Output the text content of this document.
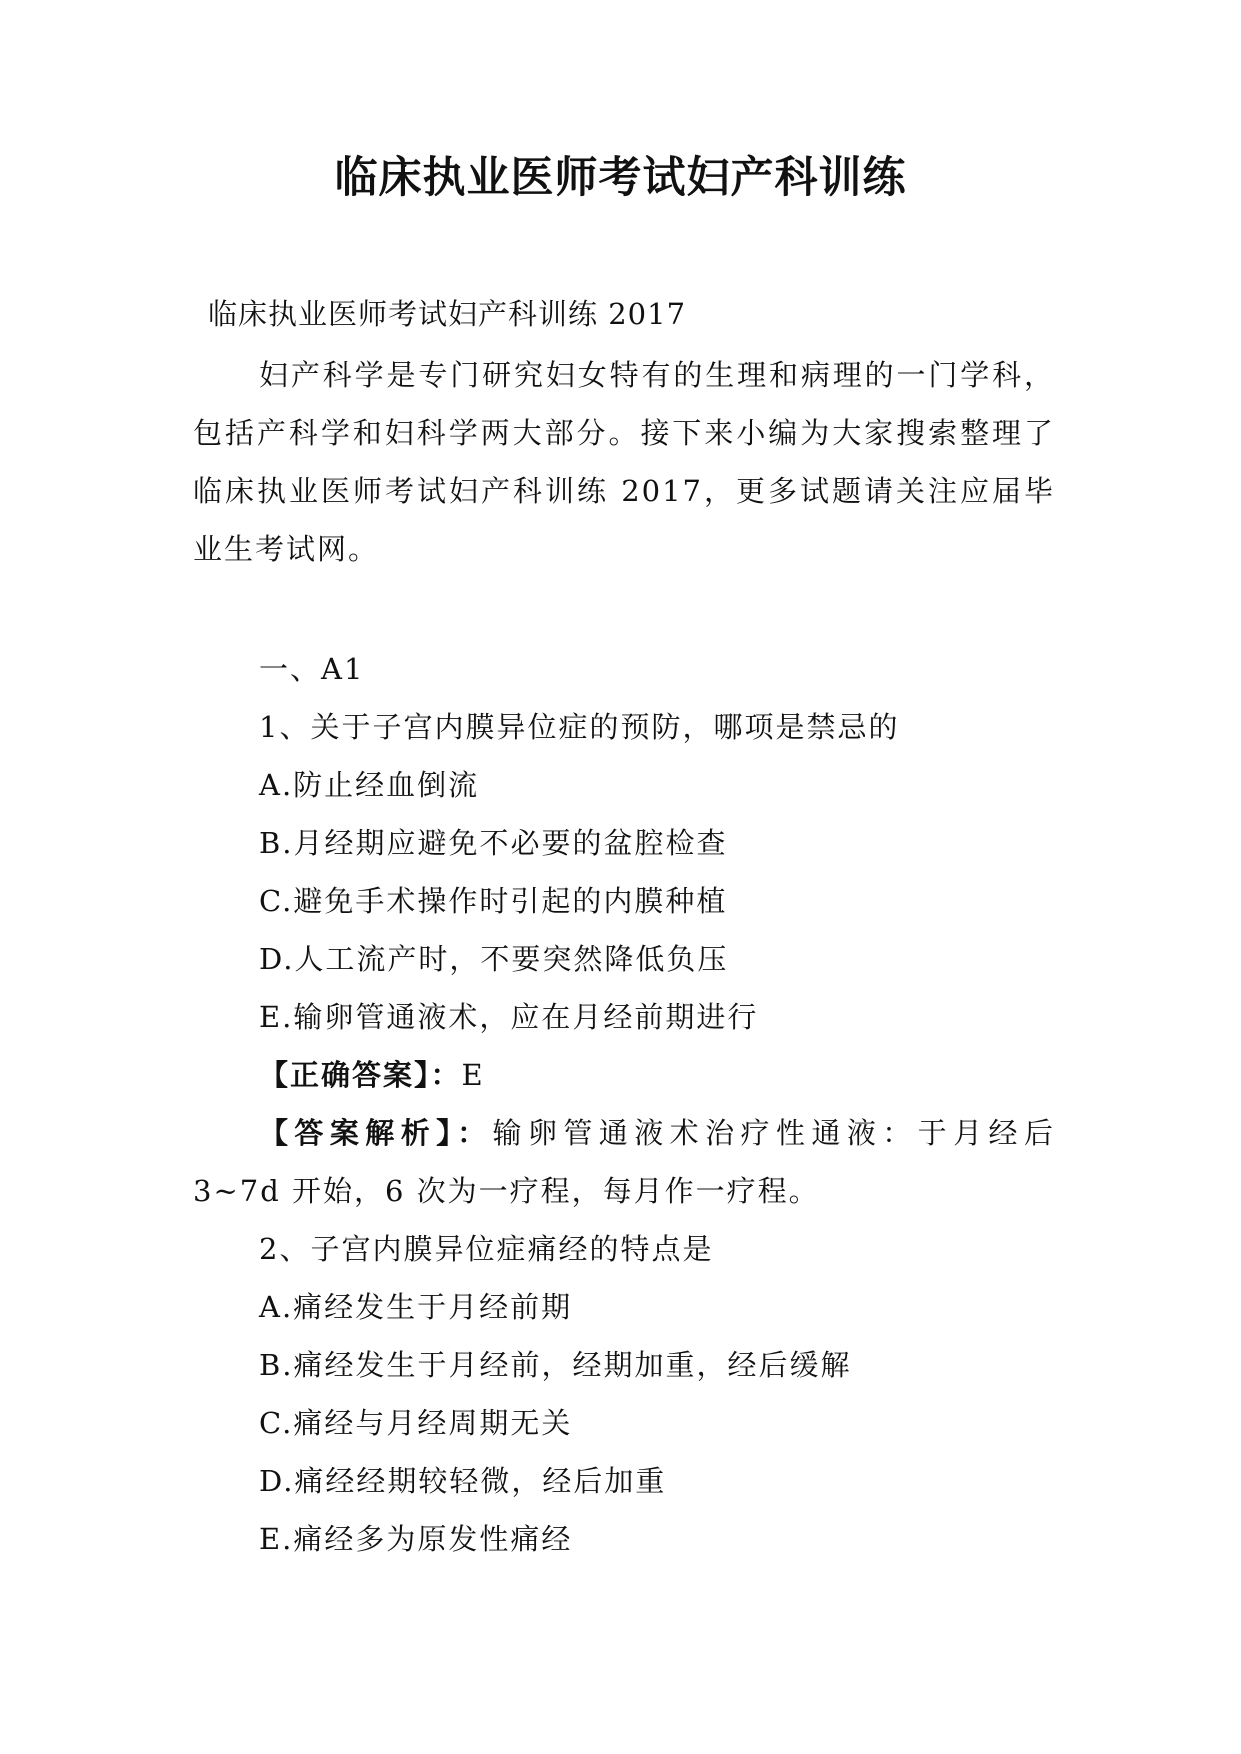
临床执业医师考试妇产科训练
临床执业医师考试妇产科训练 2017

妇产科学是专门研究妇女特有的生理和病理的一门学科，包括产科学和妇科学两大部分。接下来小编为大家搜索整理了临床执业医师考试妇产科训练 2017，更多试题请关注应届毕业生考试网。

一、A1
1、关于子宫内膜异位症的预防，哪项是禁忌的
A.防止经血倒流
B.月经期应避免不必要的盆腔检查
C.避免手术操作时引起的内膜种植
D.人工流产时，不要突然降低负压
E.输卵管通液术，应在月经前期进行
【正确答案】：E

【答案解析】：输卵管通液术治疗性通液：于月经后 3~7d 开始，6 次为一疗程，每月作一疗程。

2、子宫内膜异位症痛经的特点是
A.痛经发生于月经前期
B.痛经发生于月经前，经期加重，经后缓解
C.痛经与月经周期无关
D.痛经经期较轻微，经后加重
E.痛经多为原发性痛经
